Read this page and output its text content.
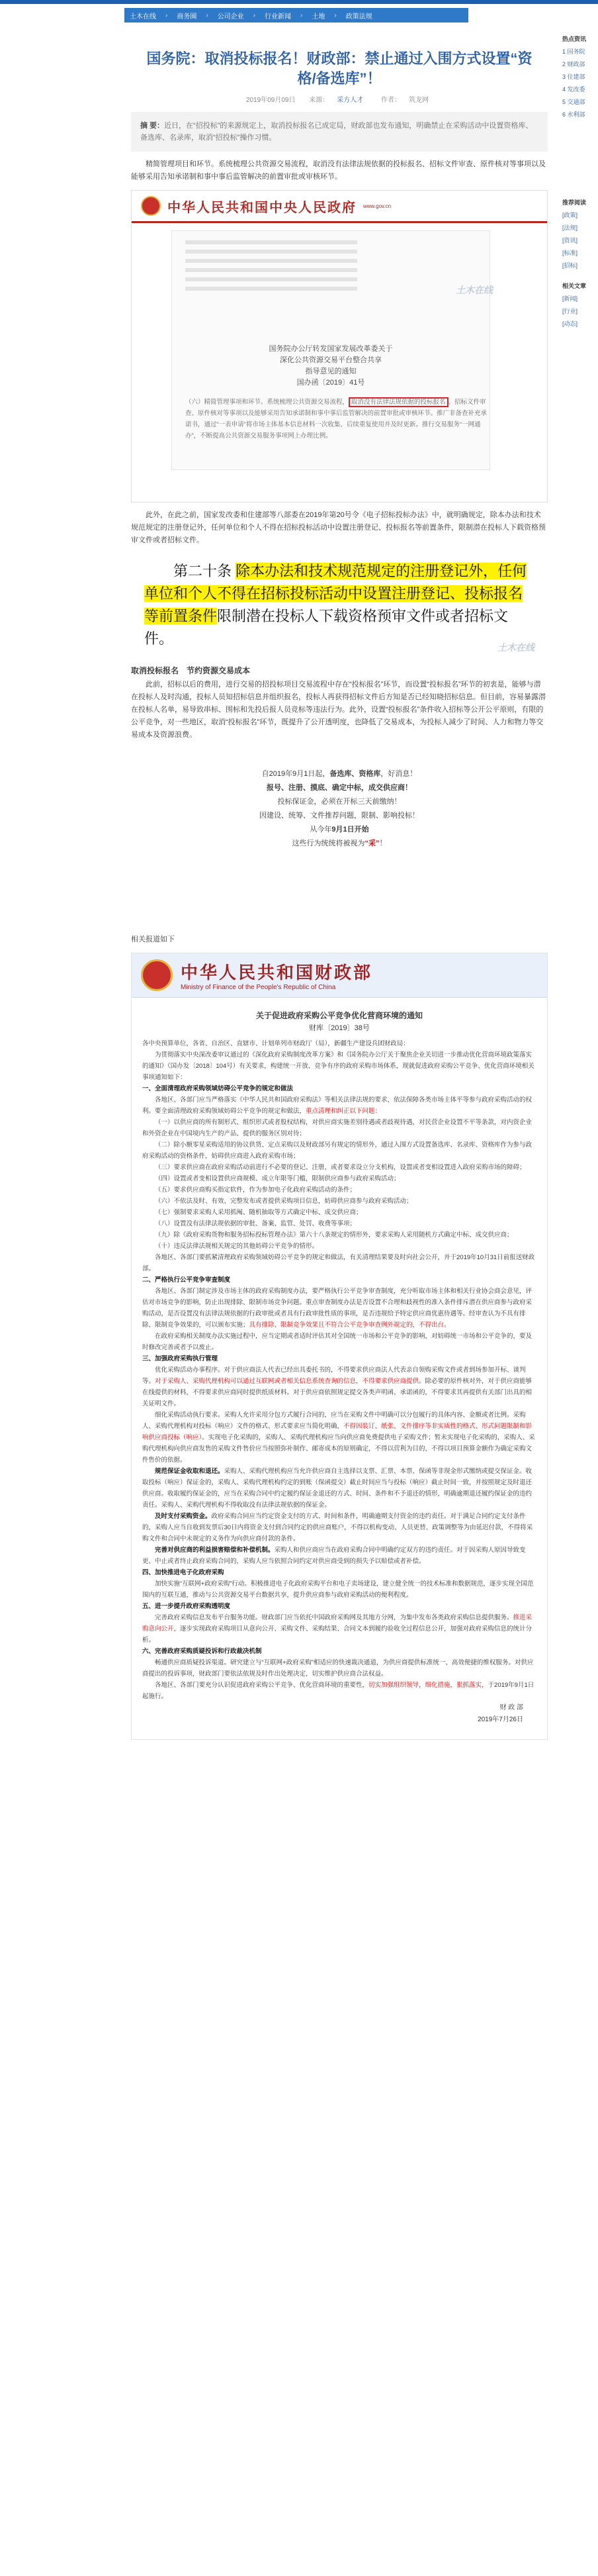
土木在线 › 商务圈 › 公司企业 › 行业新闻 › 土地 › 政策法规
国务院：取消投标报名！财政部：禁止通过入围方式设置“资格/备选库”！
2019年09月09日 来源： 采方人才	作者： 筑龙网
摘 要：近日，在“招投标”的来源规定上，取消投标报名已成定局，财政部也发布通知，明确禁止在采购活动中设置资格库、备选库、名录库，取消“招投标”操作习惯。

精简管理项目和环节。系统梳理公共资源交易流程，取消没有法律法规依据的投标报名、招标文件审查、原件核对等事项以及能够采用告知承诺制和事中事后监管解决的前置审批或审核环节。

中华人民共和国中央人民政府 www.gov.cn
国务院办公厅转发国家发展改革委关于
深化公共资源交易平台整合共享
指导意见的通知
国办函〔2019〕41号
（六）精简管理事项和环节。系统梳理公共资源交易流程， 取消没有法律法规依据的投标报名 、招标文件审查、原件核对等事项以及能够采用告知承诺制和事中事后监管解决的前置审批或审核环节。推广非备查补充承诺书，通过“一表申请”将市场主体基本信息材料一次收集、后续重复使用并及时更新。推行交易服务“一网通办”，不断提高公共资源交易服务事项网上办理比例。
土木在线

此外，在此之前，国家发改委和住建部等八部委在2019年第20号令《电子招标投标办法》中，就明确规定，除本办法和技术规范规定的注册登记外，任何单位和个人不得在招标投标活动中设置注册登记、投标报名等前置条件，限制潜在投标人下载资格预审文件或者招标文件。

第二十条 除本办法和技术规范规定的注册登记外，任何单位和个人不得在招标投标活动中设置注册登记、投标报名等前置条件限制潜在投标人下载资格预审文件或者招标文件。
土木在线
取消投标报名　节约资源交易成本

此前，招标以后的费用，进行交易的招投标项目交易流程中存在“投标报名”环节，而设置“投标报名”环节的初衷是，能够与潜在投标人及时沟通，投标人员知招标信息并组织报名，投标人再获得招标文件后方知是否已经知晓招标信息。但目前，容易暴露潜在投标人名单，易导致串标、围标和先投后报人员竞标等违法行为。此外，设置“投标报名”条件收入招标等公开公平原则，有限的公平竞争，对一些地区，取消“投标报名”环节，既提升了公开透明度，也降低了交易成本，为投标人减少了时间、人力和物力等交易成本及资源浪费。

自2019年9月1日起，备选库、资格库，好消息！
报号、注册、摸底、确定中标，成交供应商！
投标保证金，必须在开标三天前缴纳！
因建设、统筹、文件推荐问题，限制、影响投标！
从今年9月1日开始
这些行为统统将被视为“采”！

相关报道如下

中华人民共和国财政部
Ministry of Finance of the People's Republic of China
关于促进政府采购公平竞争优化营商环境的通知
财库〔2019〕38号

各中央预算单位，各省、自治区、直辖市、计划单列市财政厅（局），新疆生产建设兵团财政局：

为贯彻落实中央深改委审议通过的《深化政府采购制度改革方案》和《国务院办公厅关于聚焦企业关切进一步推动优化营商环境政策落实的通知》（国办发〔2018〕104号）有关要求，构建统一开放、竞争有序的政府采购市场体系，现就促进政府采购公平竞争、优化营商环境相关事项通知如下：

一、全面清理政府采购领域妨碍公平竞争的规定和做法

各地区、各部门应当严格落实《中华人民共和国政府采购法》等相关法律法规的要求，依法保障各类市场主体平等参与政府采购活动的权利。要全面清理政府采购领域妨碍公平竞争的规定和做法，重点清理和纠正以下问题：

（一）以供应商的所有制形式、组织形式或者股权结构，对供应商实施差别待遇或者歧视待遇，对民营企业设置不平等条款，对内资企业和外资企业在中国境内生产的产品、提供的服务区别对待；

（二）除小额零星采购适用的协议供货、定点采购以及财政部另有规定的情形外，通过入围方式设置备选库、名录库、资格库作为参与政府采购活动的资格条件，妨碍供应商进入政府采购市场；

（三）要求供应商在政府采购活动前进行不必要的登记、注册，或者要求设立分支机构，设置或者变相设置进入政府采购市场的障碍；

（四）设置或者变相设置供应商规模、成立年限等门槛，限制供应商参与政府采购活动；

（五）要求供应商购买指定软件，作为参加电子化政府采购活动的条件；

（六）不依法及时、有效、完整发布或者提供采购项目信息，妨碍供应商参与政府采购活动；

（七）强制要求采购人采用抓阄、随机抽取等方式确定中标、成交供应商；

（八）设置没有法律法规依据的审批、备案、监管、处罚、收费等事项；

（九）除《政府采购货物和服务招标投标管理办法》第六十八条规定的情形外，要求采购人采用随机方式确定中标、成交供应商；

（十）违反法律法规相关规定的其他妨碍公平竞争的情形。

各地区、各部门要抓紧清理政府采购领域妨碍公平竞争的规定和做法，有关清理结果要及时向社会公开，并于2019年10月31日前报送财政部。

二、严格执行公平竞争审查制度

各地区、各部门制定涉及市场主体的政府采购制度办法，要严格执行公平竞争审查制度，充分听取市场主体和相关行业协会商会意见，评估对市场竞争的影响，防止出现排除、限制市场竞争问题。重点审查制度办法是否设置不合理和歧视性的准入条件排斥潜在供应商参与政府采购活动，是否设置没有法律法规依据的行政审批或者具有行政审批性质的事项，是否违规给予特定供应商优惠待遇等。经审查认为不具有排除、限制竞争效果的，可以颁布实施；具有排除、限制竞争效果且不符合公平竞争审查例外规定的，不得出台。

在政府采购相关制度办法实施过程中，应当定期或者适时评估其对全国统一市场和公平竞争的影响，对妨碍统一市场和公平竞争的，要及时修改完善或者予以废止。

三、加强政府采购执行管理

优化采购活动办事程序。对于供应商法人代表已经出具委托书的，不得要求供应商法人代表亲自领购采购文件或者到场参加开标、谈判等。对于采购人、采购代理机构可以通过互联网或者相关信息系统查询的信息，不得要求供应商提供。除必要的原件核对外，对于供应商能够在线提供的材料，不得要求供应商同时提供纸质材料。对于供应商依照规定提交各类声明函、承诺函的，不得要求其再提供有关部门出具的相关证明文件。

细化采购活动执行要求。采购人允许采用分包方式履行合同的，应当在采购文件中明确可以分包履行的具体内容、金额或者比例。采购人、采购代理机构对投标（响应）文件的格式、形式要求应当简化明确，不得因装订、纸张、文件排序等非实质性的格式、形式问题限制和影响供应商投标（响应）。实现电子化采购的，采购人、采购代理机构应当向供应商免费提供电子采购文件；暂未实现电子化采购的，采购人、采购代理机构向供应商发售的采购文件售价应当按照弥补制作、邮寄成本的原则确定，不得以营利为目的，不得以项目预算金额作为确定采购文件售价的依据。

规范保证金收取和退还。采购人、采购代理机构应当允许供应商自主选择以支票、汇票、本票、保函等非现金形式缴纳或提交保证金。收取投标（响应）保证金的，采购人、采购代理机构约定的到账（保函提交）截止时间应当与投标（响应）截止时间一致，并按照规定及时退还供应商。收取履约保证金的，应当在采购合同中约定履约保证金退还的方式、时间、条件和不予退还的情形，明确逾期退还履约保证金的违约责任。采购人、采购代理机构不得收取没有法律法规依据的保证金。

及时支付采购资金。政府采购合同应当约定资金支付的方式、时间和条件，明确逾期支付资金的违约责任。对于满足合同约定支付条件的，采购人应当自收到发票后30日内将资金支付到合同约定的供应商账户，不得以机构变动、人员更替、政策调整等为由延迟付款，不得将采购文件和合同中未规定的义务作为向供应商付款的条件。

完善对供应商的利益损害赔偿和补偿机制。采购人和供应商应当在政府采购合同中明确约定双方的违约责任。对于因采购人原因导致变更、中止或者终止政府采购合同的，采购人应当依照合同约定对供应商受到的损失予以赔偿或者补偿。

四、加快推进电子化政府采购

加快实施“互联网+政府采购”行动。积极推进电子化政府采购平台和电子卖场建设，建立健全统一的技术标准和数据规范，逐步实现全国范围内的互联互通，推动与公共资源交易平台数据共享，提升供应商参与政府采购活动的便利程度。

五、进一步提升政府采购透明度

完善政府采购信息发布平台服务功能。财政部门应当依托中国政府采购网及其地方分网，为集中发布各类政府采购信息提供服务。推进采购意向公开，逐步实现政府采购项目从意向公开、采购文件、采购结果、合同文本到履约验收全过程信息公开，加强对政府采购信息的统计分析。

六、完善政府采购质疑投诉和行政裁决机制

畅通供应商质疑投诉渠道。研究建立与“互联网+政府采购”相适应的快速裁决通道，为供应商提供标准统一、高效便捷的维权服务。对供应商提出的投诉事项，财政部门要依法依规及时作出处理决定，切实维护供应商合法权益。

各地区、各部门要充分认识促进政府采购公平竞争、优化营商环境的重要性，切实加强组织领导，细化措施，狠抓落实，于2019年9月1日起施行。

财 政 部
2019年7月26日
热点资讯
1 国务院
2 财政部
3 住建部
4 发改委
5 交通部
6 水利部
推荐阅读
[政策]
[法规]
[资讯]
[标准]
[招标]
相关文章
[新闻]
[行业]
[动态]
